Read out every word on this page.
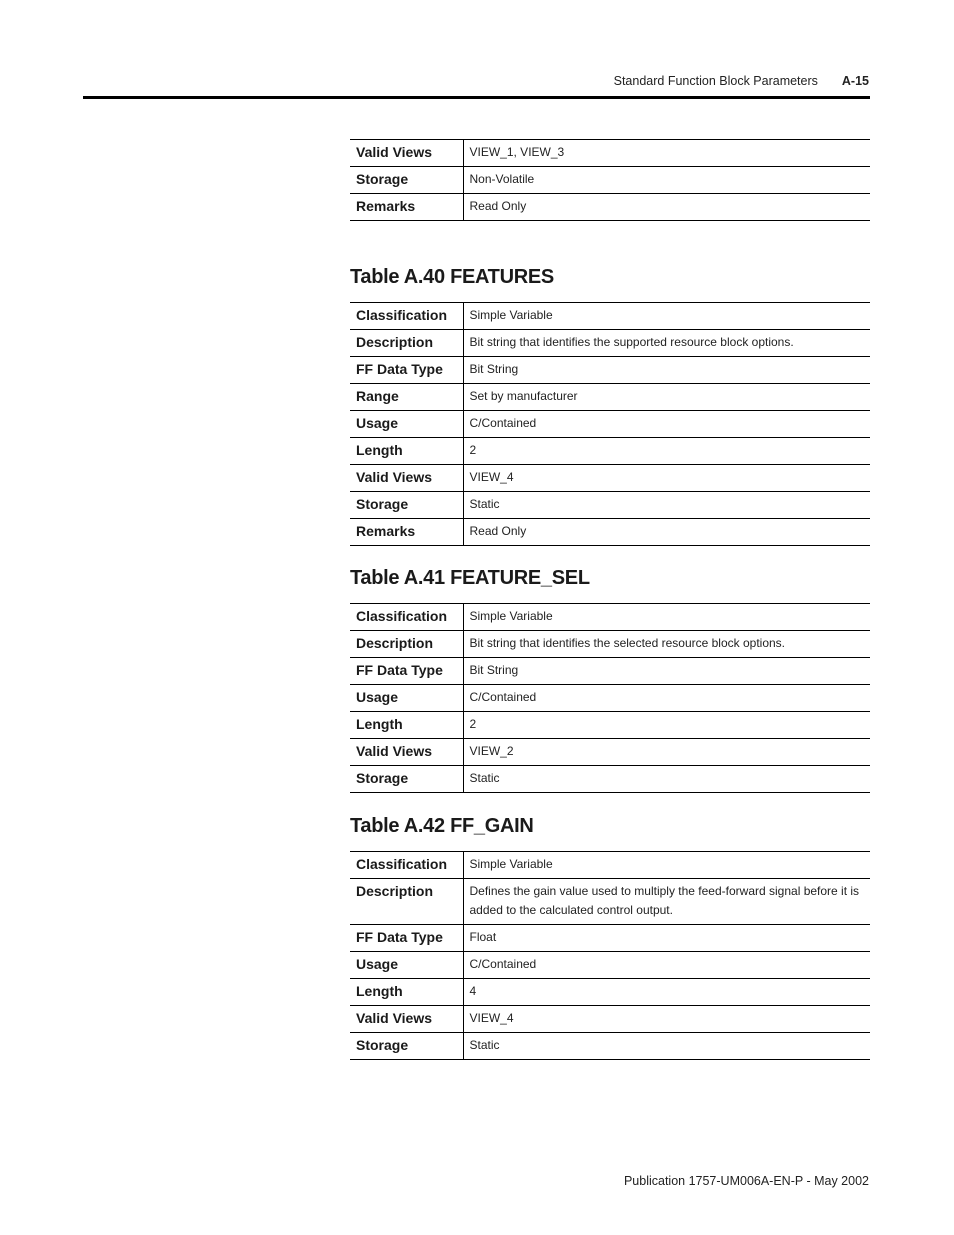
Standard Function Block Parameters A-15
Valid Views	VIEW_1, VIEW_3
Storage	Non-Volatile
Remarks	Read Only
Table A.40 FEATURES
Classification	Simple Variable
Description	Bit string that identifies the supported resource block options.
FF Data Type	Bit String
Range	Set by manufacturer
Usage	C/Contained
Length	2
Valid Views	VIEW_4
Storage	Static
Remarks	Read Only
Table A.41 FEATURE_SEL
Classification	Simple Variable
Description	Bit string that identifies the selected resource block options.
FF Data Type	Bit String
Usage	C/Contained
Length	2
Valid Views	VIEW_2
Storage	Static
Table A.42 FF_GAIN
Classification	Simple Variable
Description	Defines the gain value used to multiply the feed-forward signal before it is added to the calculated control output.
FF Data Type	Float
Usage	C/Contained
Length	4
Valid Views	VIEW_4
Storage	Static
Publication 1757-UM006A-EN-P - May 2002
